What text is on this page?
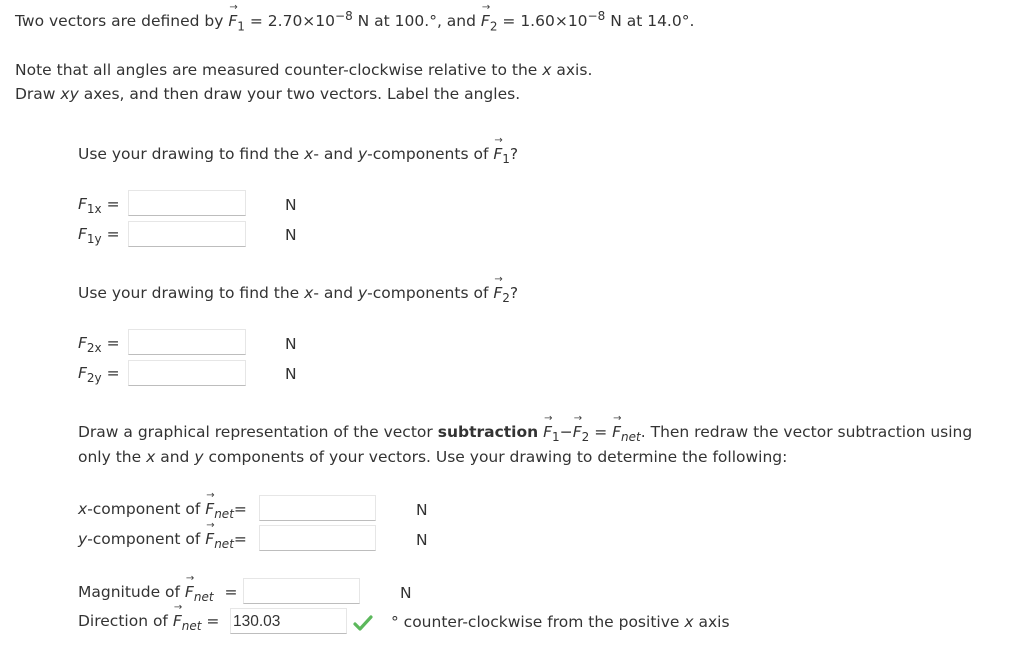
Two vectors are defined by
→
$F_1 = 2.70\times 10^{-8}$ N at 100.°, and
→
$F_2 = 1.60\times 10^{-8}$ N at 14.0°.
Note that all angles are measured counter-clockwise relative to the x axis.
Draw xy axes, and then draw your two vectors. Label the angles.
Use your drawing to find the x- and y-components of
→
$F_1$?
$F_{1x}$ =	N
$F_{1y}$ =	N
Use your drawing to find the x- and y-components of
→
$F_2$?
$F_{2x}$ =	N
$F_{2y}$ =	N
Draw a graphical representation of the vector subtraction
→
$F_1-$
→
$F_2$ =
→
$F_{net}$. Then redraw the vector subtraction using
only the x and y components of your vectors. Use your drawing to determine the following:
x-component of
→
$F_{net}=$	N
y-component of
→
$F_{net}=$	N
Magnitude of
→
$F_{net}$ =	N
Direction of
→
$F_{net} = 130.03$	° counter-clockwise from the positive x axis
